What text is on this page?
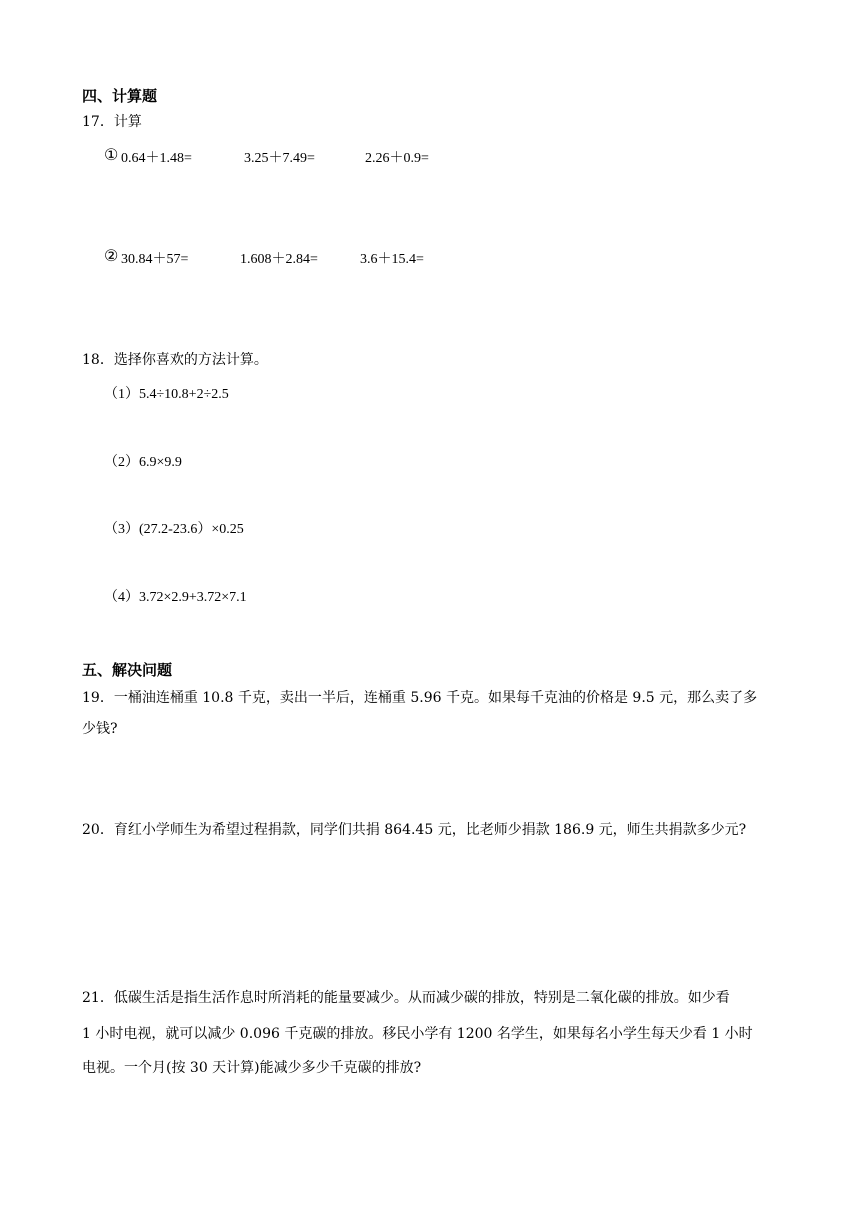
四、计算题
17．计算
① 0.64＋1.48=	3.25＋7.49=	2.26＋0.9=
② 30.84＋57=	1.608＋2.84=	3.6＋15.4=
18．选择你喜欢的方法计算。
（1）5.4÷10.8+2÷2.5
（2）6.9×9.9
（3）(27.2-23.6）×0.25
（4）3.72×2.9+3.72×7.1
五、解决问题
19．一桶油连桶重 10.8 千克，卖出一半后，连桶重 5.96 千克。如果每千克油的价格是 9.5 元，那么卖了多
少钱?
20．育红小学师生为希望过程捐款，同学们共捐 864.45 元，比老师少捐款 186.9 元，师生共捐款多少元?
21．低碳生活是指生活作息时所消耗的能量要减少。从而减少碳的排放，特别是二氧化碳的排放。如少看
1 小时电视，就可以减少 0.096 千克碳的排放。移民小学有 1200 名学生，如果每名小学生每天少看 1 小时
电视。一个月(按 30 天计算)能减少多少千克碳的排放?
